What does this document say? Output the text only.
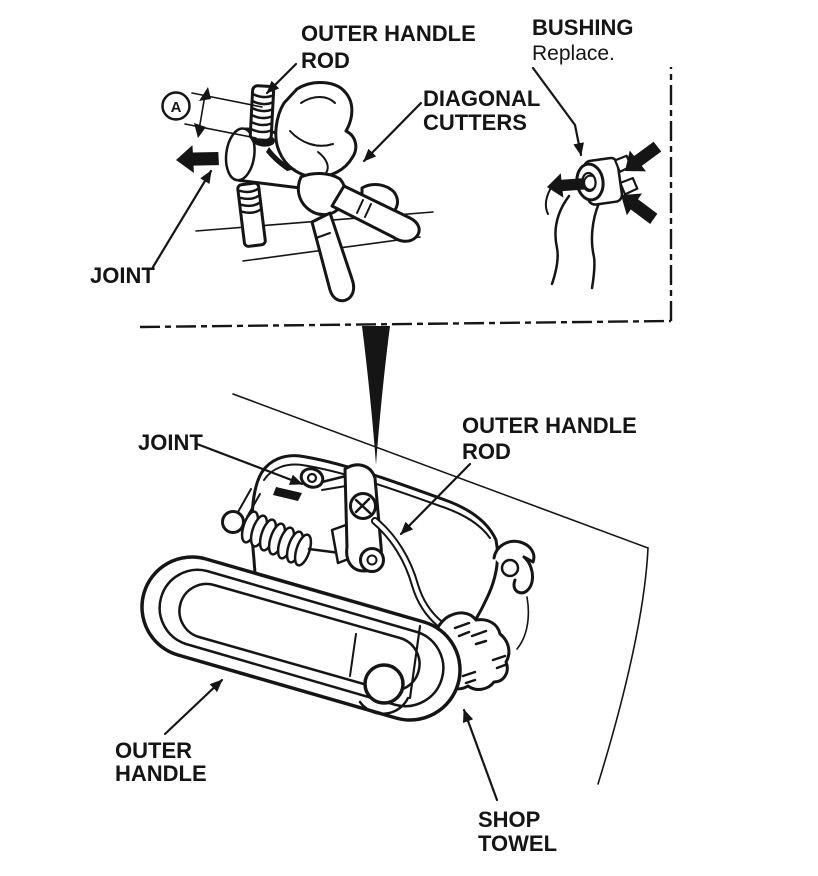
A
OUTER HANDLE
ROD
BUSHING
Replace.
DIAGONAL
CUTTERS
JOINT
JOINT
OUTER HANDLE
ROD
OUTER
HANDLE
SHOP
TOWEL
